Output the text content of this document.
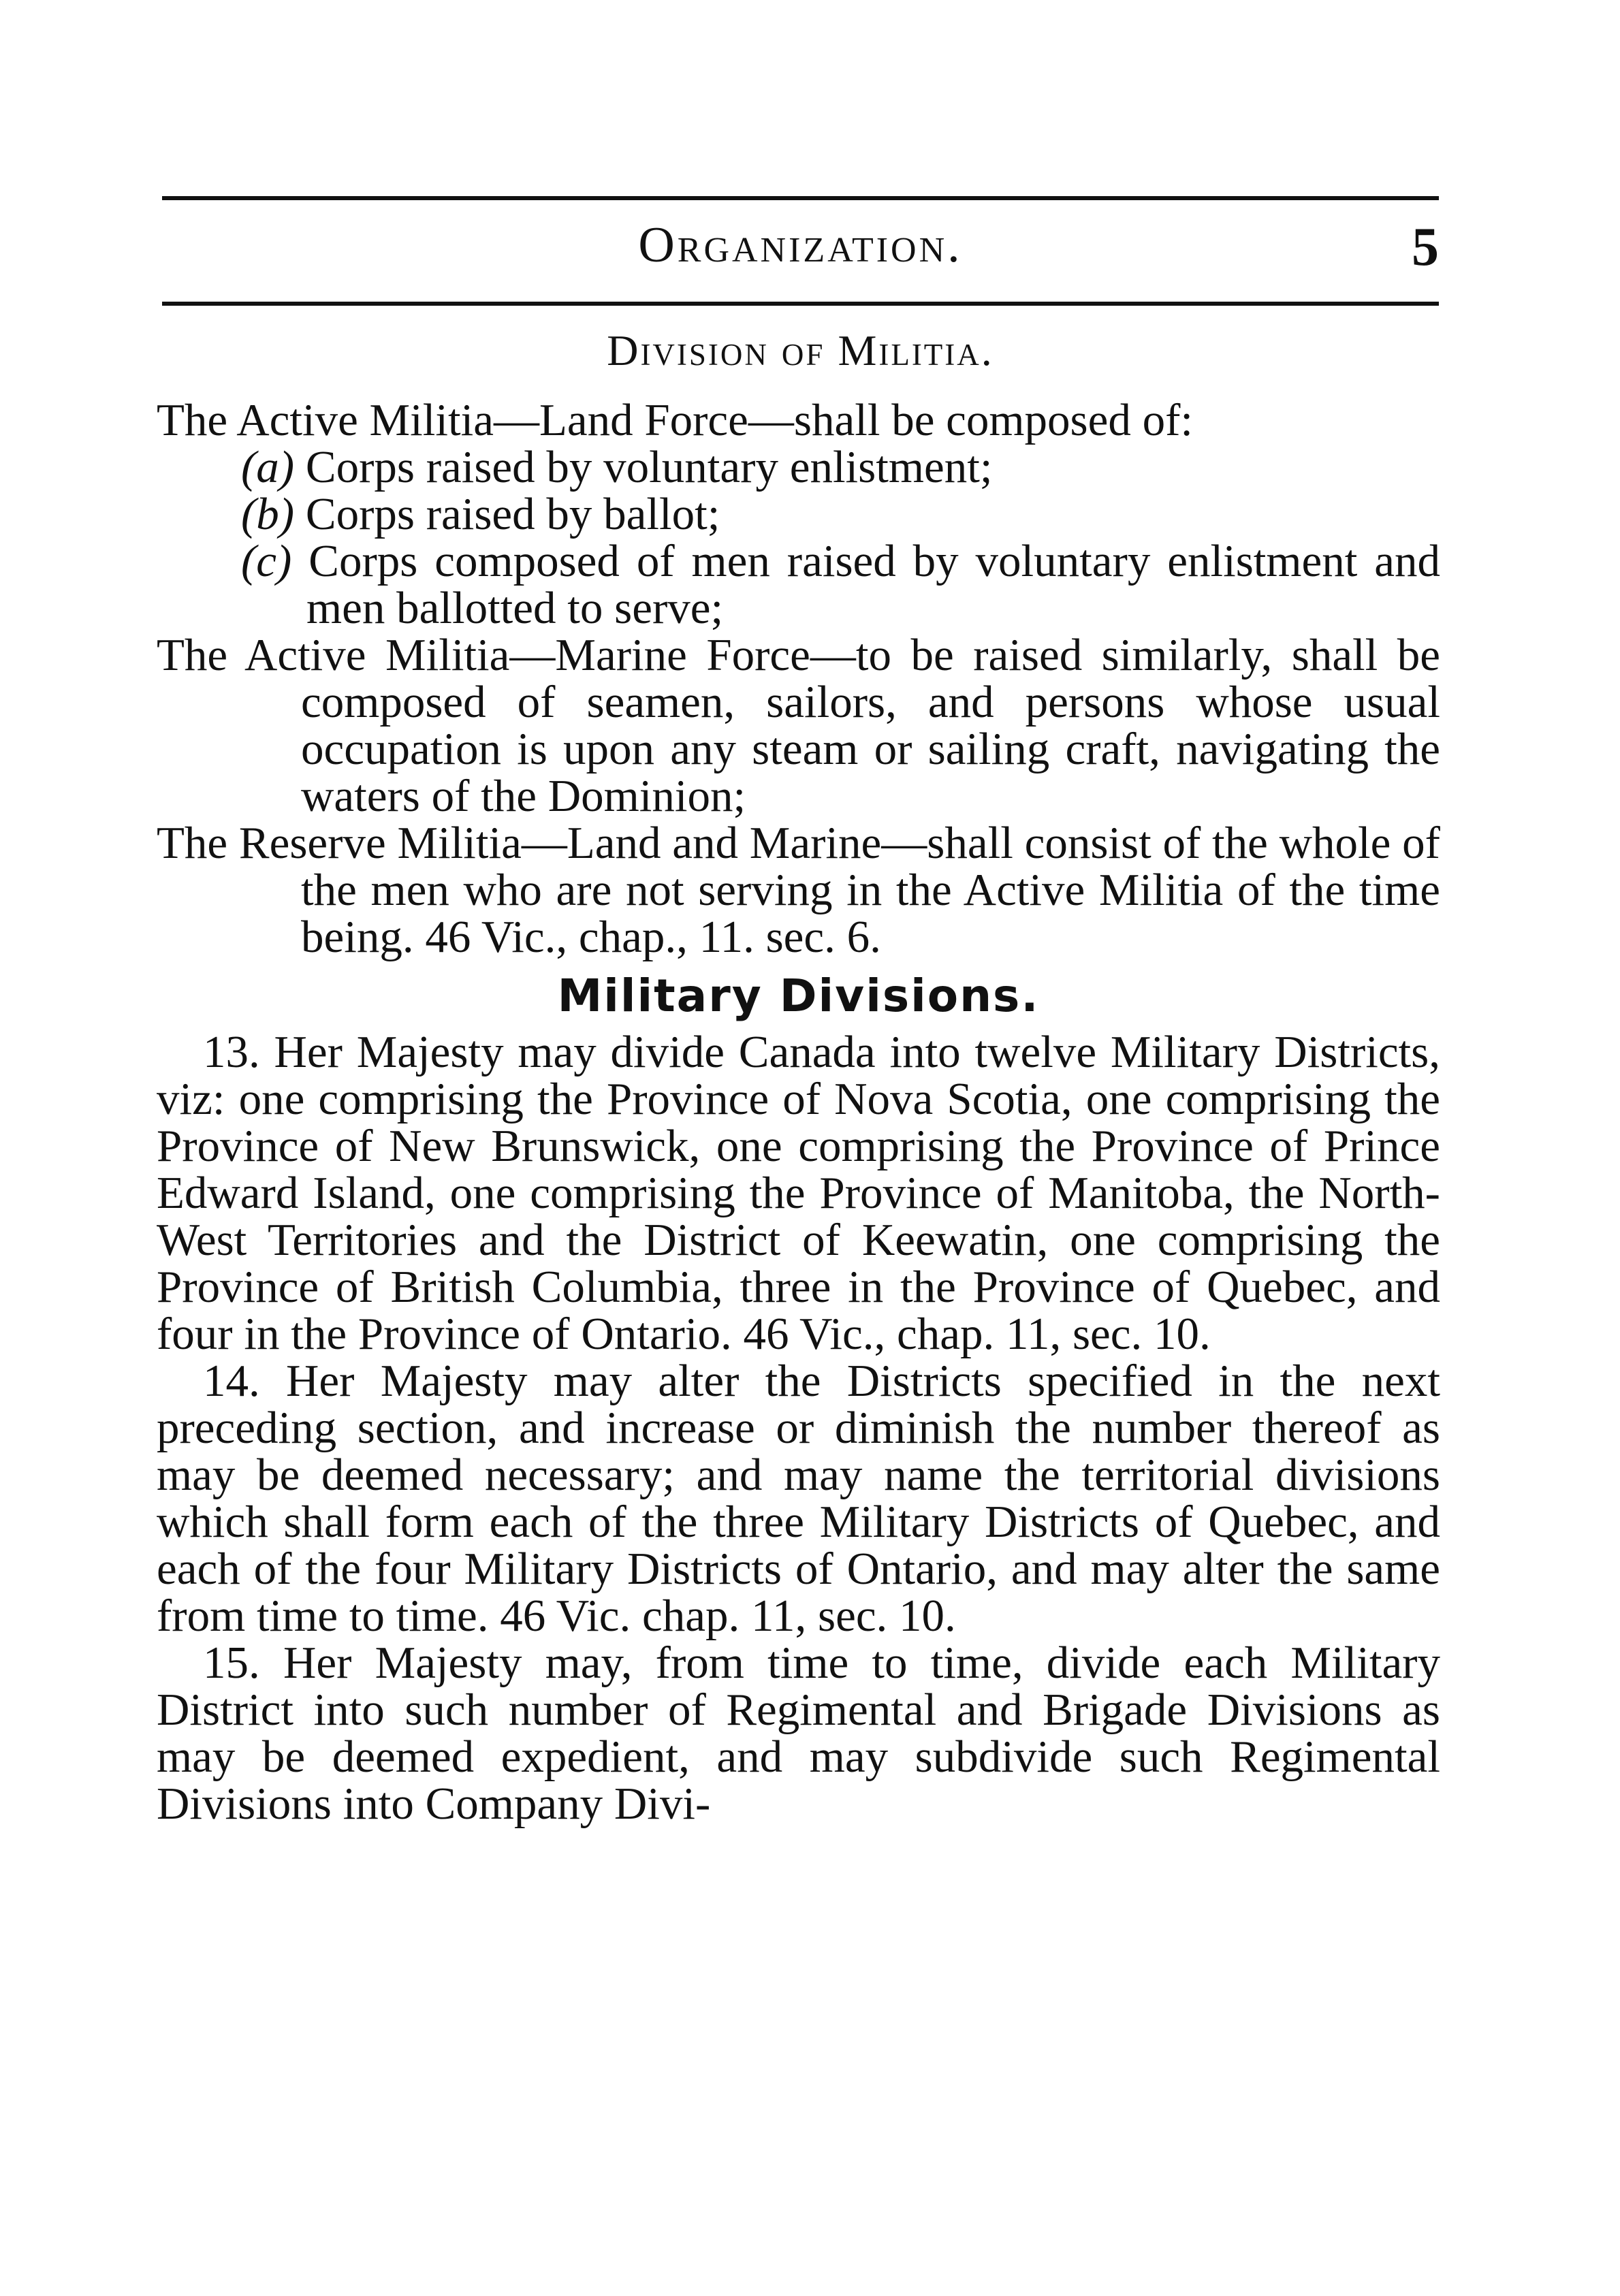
Organization.	5
Division of Militia.

The Active Militia—Land Force—shall be composed of:

(a) Corps raised by voluntary enlistment;

(b) Corps raised by ballot;

(c) Corps composed of men raised by voluntary enlistment and men ballotted to serve;

The Active Militia—Marine Force—to be raised similarly, shall be composed of seamen, sailors, and persons whose usual occupation is upon any steam or sailing craft, navigating the waters of the Dominion;

The Reserve Militia—Land and Marine—shall consist of the whole of the men who are not serving in the Active Militia of the time being. 46 Vic., chap., 11. sec. 6.

Military Divisions.

13. Her Majesty may divide Canada into twelve Military Districts, viz: one comprising the Province of Nova Scotia, one comprising the Province of New Brunswick, one comprising the Province of Prince Edward Island, one comprising the Province of Manitoba, the North-West Territories and the District of Keewatin, one comprising the Province of British Columbia, three in the Province of Quebec, and four in the Province of Ontario. 46 Vic., chap. 11, sec. 10.

14. Her Majesty may alter the Districts specified in the next preceding section, and increase or diminish the number thereof as may be deemed necessary; and may name the territorial divisions which shall form each of the three Military Districts of Quebec, and each of the four Military Districts of Ontario, and may alter the same from time to time. 46 Vic. chap. 11, sec. 10.

15. Her Majesty may, from time to time, divide each Military District into such number of Regimental and Brigade Divisions as may be deemed expedient, and may subdivide such Regimental Divisions into Company Divi-
